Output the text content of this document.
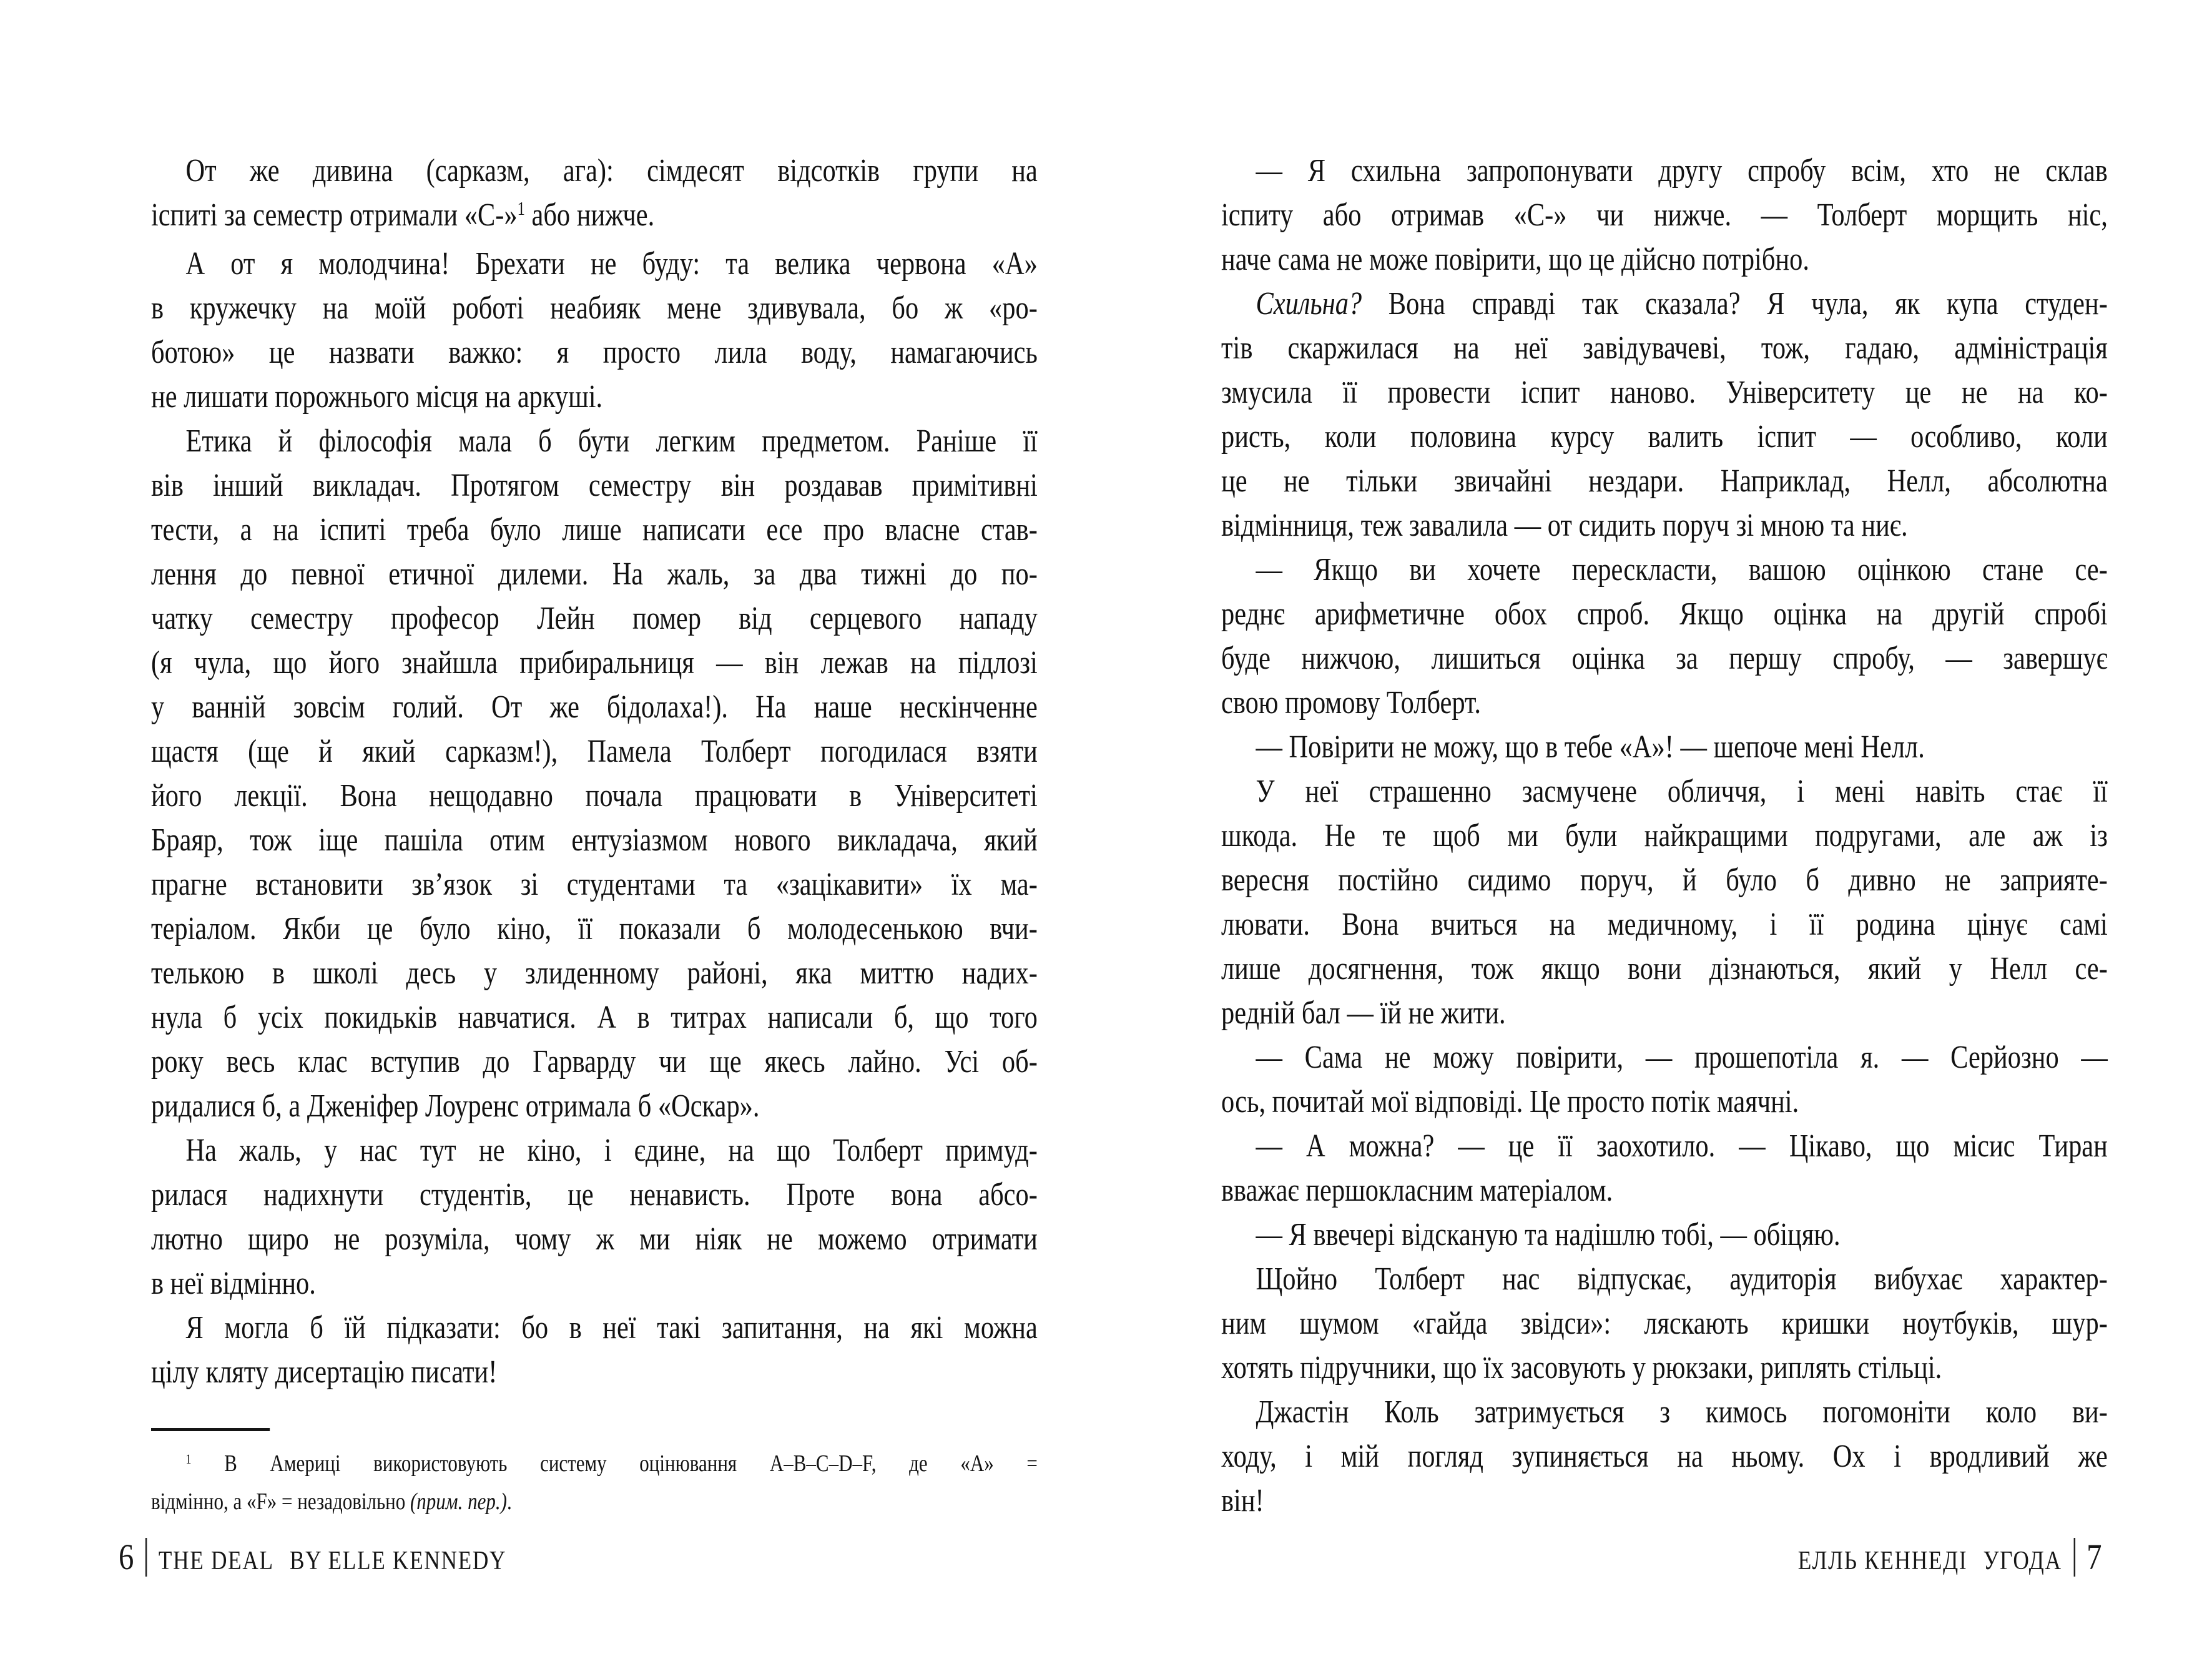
От же дивина (сарказм, ага): сімдесят відсотків групи на
іспиті за семестр отримали «С-»$^1$ або нижче.
А от я молодчина! Брехати не буду: та велика червона «А»
в кружечку на моїй роботі неабияк мене здивувала, бо ж «ро-
ботою» це назвати важко: я просто лила воду, намагаючись
не лишати порожнього місця на аркуші.
Етика й філософія мала б бути легким предметом. Раніше її
вів інший викладач. Протягом семестру він роздавав примітивні
тести, а на іспиті треба було лише написати есе про власне став-
лення до певної етичної дилеми. На жаль, за два тижні до по-
чатку семестру професор Лейн помер від серцевого нападу
(я чула, що його знайшла прибиральниця — він лежав на підлозі
у ванній зовсім голий. От же бідолаха!). На наше нескінченне
щастя (ще й який сарказм!), Памела Толберт погодилася взяти
його лекції. Вона нещодавно почала працювати в Університеті
Браяр, тож іще пашіла отим ентузіазмом нового викладача, який
прагне встановити зв’язок зі студентами та «зацікавити» їх ма-
теріалом. Якби це було кіно, її показали б молодесенькою вчи-
телькою в школі десь у злиденному районі, яка миттю надих-
нула б усіх покидьків навчатися. А в титрах написали б, що того
року весь клас вступив до Гарварду чи ще якесь лайно. Усі об-
ридалися б, а Дженіфер Лоуренс отримала б «Оскар».
На жаль, у нас тут не кіно, і єдине, на що Толберт примуд-
рилася надихнути студентів, це ненависть. Проте вона абсо-
лютно щиро не розуміла, чому ж ми ніяк не можемо отримати
в неї відмінно.
Я могла б їй підказати: бо в неї такі запитання, на які можна
цілу кляту дисертацію писати!
$^1$ В Америці використовують систему оцінювання A–B–C–D–F, де «А» =
відмінно, а «F» = незадовільно (прим. пер.).
— Я схильна запропонувати другу спробу всім, хто не склав
іспиту або отримав «С-» чи нижче. — Толберт морщить ніс,
наче сама не може повірити, що це дійсно потрібно.
Схильна? Вона справді так сказала? Я чула, як купа студен-
тів скаржилася на неї завідувачеві, тож, гадаю, адміністрація
змусила її провести іспит наново. Університету це не на ко-
ристь, коли половина курсу валить іспит — особливо, коли
це не тільки звичайні нездари. Наприклад, Нелл, абсолютна
відмінниця, теж завалила — от сидить поруч зі мною та ниє.
— Якщо ви хочете перескласти, вашою оцінкою стане се-
реднє арифметичне обох спроб. Якщо оцінка на другій спробі
буде нижчою, лишиться оцінка за першу спробу, — завершує
свою промову Толберт.
— Повірити не можу, що в тебе «А»! — шепоче мені Нелл.
У неї страшенно засмучене обличчя, і мені навіть стає її
шкода. Не те щоб ми були найкращими подругами, але аж із
вересня постійно сидимо поруч, й було б дивно не заприяте-
лювати. Вона вчиться на медичному, і її родина цінує самі
лише досягнення, тож якщо вони дізнаються, який у Нелл се-
редній бал — їй не жити.
— Сама не можу повірити, — прошепотіла я. — Серйозно —
ось, почитай мої відповіді. Це просто потік маячні.
— А можна? — це її заохотило. — Цікаво, що місис Тиран
вважає першокласним матеріалом.
— Я ввечері відсканую та надішлю тобі, — обіцяю.
Щойно Толберт нас відпускає, аудиторія вибухає характер-
ним шумом «гайда звідси»: ляскають кришки ноутбуків, шур-
хотять підручники, що їх засовують у рюкзаки, риплять стільці.
Джастін Коль затримується з кимось погомоніти коло ви-
ходу, і мій погляд зупиняється на ньому. Ох і вродливий же
він!
6 THE DEAL BY ELLE KENNEDY	ЕЛЛЬ КЕННЕДІ УГОДА 7
